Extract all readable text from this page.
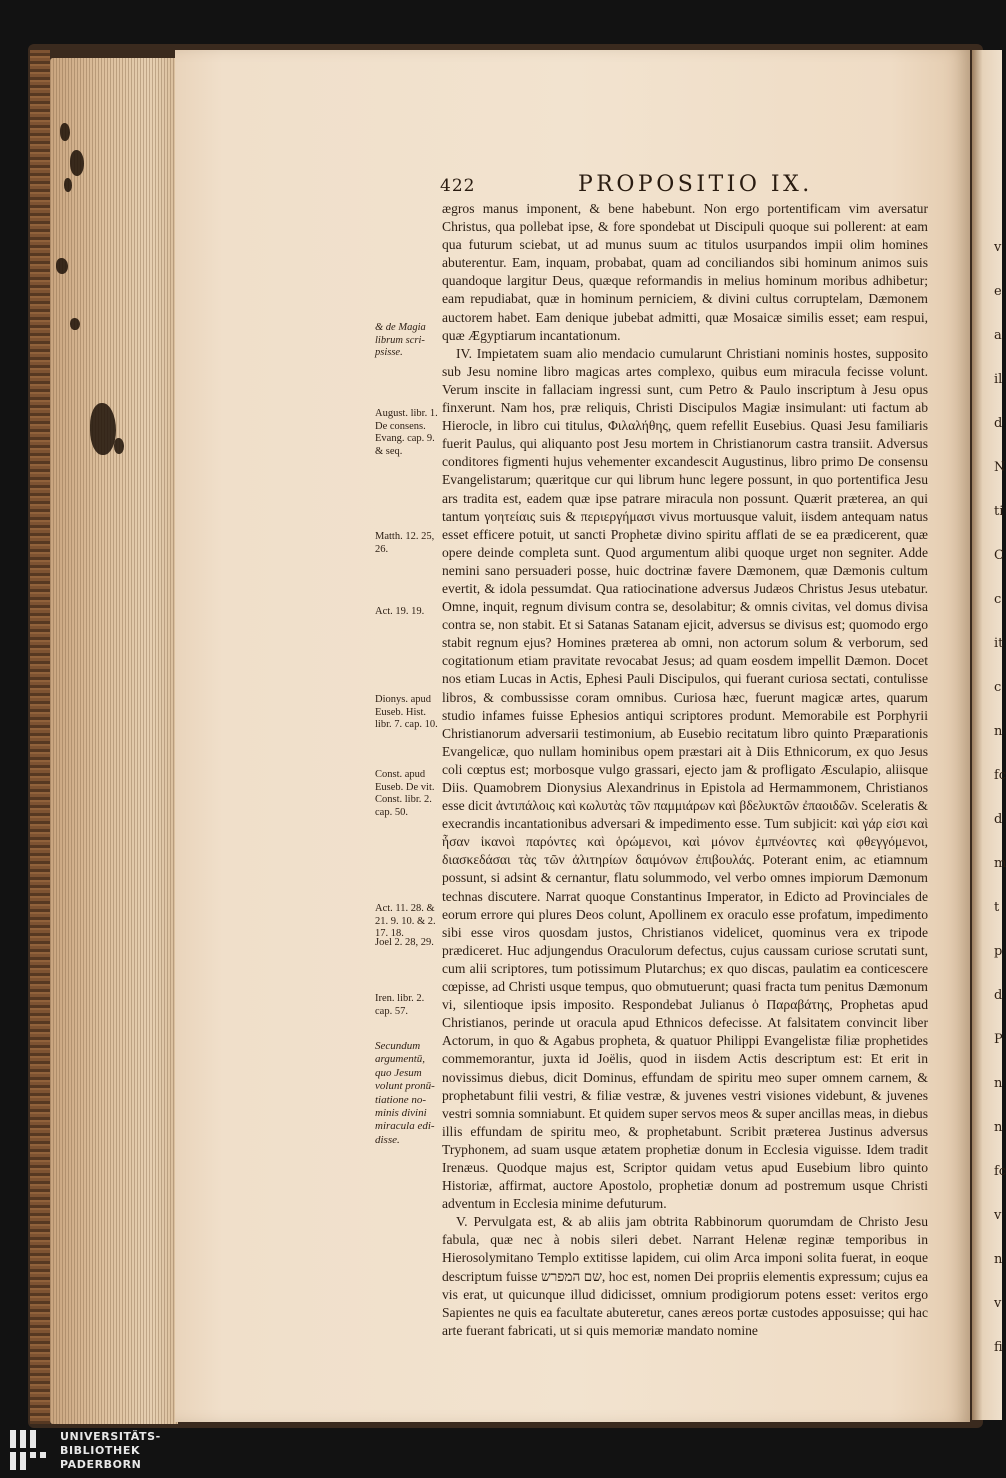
v
e
a
il
d
N
ti
C
c
it
c
n
fc
d
m
t
p
d
P
n
n
fc
v
n
v
fi
422	PROPOSITIO IX.
& de Magia librum scri-psisse.
August. libr. 1. De consens. Evang. cap. 9. & seq.
Matth. 12. 25, 26.
Act. 19. 19.
Dionys. apud Euseb. Hist. libr. 7. cap. 10.
Const. apud Euseb. De vit. Const. libr. 2. cap. 50.
Act. 11. 28. & 21. 9. 10. & 2. 17. 18.
Joel 2. 28, 29.
Iren. libr. 2. cap. 57.
Secundum argumentū, quo Jesum volunt pronū-tiatione no-minis divini miracula edi-disse.

ægros manus imponent, & bene habebunt. Non ergo portentificam vim aversatur Christus, qua pollebat ipse, & fore spondebat ut Discipuli quoque sui pollerent: at eam qua futurum sciebat, ut ad munus suum ac titulos usurpandos impii olim homines abuterentur. Eam, inquam, probabat, quam ad conciliandos sibi hominum animos suis quandoque largitur Deus, quæque reformandis in melius hominum moribus adhibetur; eam repudiabat, quæ in hominum perniciem, & divini cultus corruptelam, Dæmonem auctorem habet. Eam denique jubebat admitti, quæ Mosaicæ similis esset; eam respui, quæ Ægyptiarum incantationum.

IV. Impietatem suam alio mendacio cumularunt Christiani nominis hostes, supposito sub Jesu nomine libro magicas artes complexo, quibus eum miracula fecisse volunt. Verum inscite in fallaciam ingressi sunt, cum Petro & Paulo inscriptum à Jesu opus finxerunt. Nam hos, præ reliquis, Christi Discipulos Magiæ insimulant: uti factum ab Hierocle, in libro cui titulus, Φιλαλήθης, quem refellit Eusebius. Quasi Jesu familiaris fuerit Paulus, qui aliquanto post Jesu mortem in Christianorum castra transiit. Adversus conditores figmenti hujus vehementer excandescit Augustinus, libro primo De consensu Evangelistarum; quæritque cur qui librum hunc legere possunt, in quo portentifica Jesu ars tradita est, eadem quæ ipse patrare miracula non possunt. Quærit præterea, an qui tantum γοητείαις suis & περιεργήμασι vivus mortuusque valuit, iisdem antequam natus esset efficere potuit, ut sancti Prophetæ divino spiritu afflati de se ea prædicerent, quæ opere deinde completa sunt. Quod argumentum alibi quoque urget non segniter. Adde nemini sano persuaderi posse, huic doctrinæ favere Dæmonem, quæ Dæmonis cultum evertit, & idola pessumdat. Qua ratiocinatione adversus Judæos Christus Jesus utebatur. Omne, inquit, regnum divisum contra se, desolabitur; & omnis civitas, vel domus divisa contra se, non stabit. Et si Satanas Satanam ejicit, adversus se divisus est; quomodo ergo stabit regnum ejus? Homines præterea ab omni, non actorum solum & verborum, sed cogitationum etiam pravitate revocabat Jesus; ad quam eosdem impellit Dæmon. Docet nos etiam Lucas in Actis, Ephesi Pauli Discipulos, qui fuerant curiosa sectati, contulisse libros, & combussisse coram omnibus. Curiosa hæc, fuerunt magicæ artes, quarum studio infames fuisse Ephesios antiqui scriptores produnt. Memorabile est Porphyrii Christianorum adversarii testimonium, ab Eusebio recitatum libro quinto Præparationis Evangelicæ, quo nullam hominibus opem præstari ait à Diis Ethnicorum, ex quo Jesus coli cœptus est; morbosque vulgo grassari, ejecto jam & profligato Æsculapio, aliisque Diis. Quamobrem Dionysius Alexandrinus in Epistola ad Hermammonem, Christianos esse dicit ἀντιπάλοις καὶ κωλυτὰς τῶν παμμιάρων καὶ βδελυκτῶν ἐπαοιδῶν. Sceleratis & execrandis incantationibus adversari & impedimento esse. Tum subjicit: καὶ γάρ εἰσι καὶ ἦσαν ἱκανοὶ παρόντες καὶ ὁρώμενοι, καὶ μόνον ἐμπνέοντες καὶ φθεγγόμενοι, διασκεδάσαι τὰς τῶν ἀλιτηρίων δαιμόνων ἐπιβουλάς. Poterant enim, ac etiamnum possunt, si adsint & cernantur, flatu solummodo, vel verbo omnes impiorum Dæmonum technas discutere. Narrat quoque Constantinus Imperator, in Edicto ad Provinciales de eorum errore qui plures Deos colunt, Apollinem ex oraculo esse profatum, impedimento sibi esse viros quosdam justos, Christianos videlicet, quominus vera ex tripode prædiceret. Huc adjungendus Oraculorum defectus, cujus caussam curiose scrutati sunt, cum alii scriptores, tum potissimum Plutarchus; ex quo discas, paulatim ea conticescere cœpisse, ad Christi usque tempus, quo obmutuerunt; quasi fracta tum penitus Dæmonum vi, silentioque ipsis imposito. Respondebat Julianus ὁ Παραβάτης, Prophetas apud Christianos, perinde ut oracula apud Ethnicos defecisse. At falsitatem convincit liber Actorum, in quo & Agabus propheta, & quatuor Philippi Evangelistæ filiæ prophetides commemorantur, juxta id Joëlis, quod in iisdem Actis descriptum est: Et erit in novissimus diebus, dicit Dominus, effundam de spiritu meo super omnem carnem, & prophetabunt filii vestri, & filiæ vestræ, & juvenes vestri visiones videbunt, & juvenes vestri somnia somniabunt. Et quidem super servos meos & super ancillas meas, in diebus illis effundam de spiritu meo, & prophetabunt. Scribit præterea Justinus adversus Tryphonem, ad suam usque ætatem prophetiæ donum in Ecclesia viguisse. Idem tradit Irenæus. Quodque majus est, Scriptor quidam vetus apud Eusebium libro quinto Historiæ, affirmat, auctore Apostolo, prophetiæ donum ad postremum usque Christi adventum in Ecclesia minime defuturum.

V. Pervulgata est, & ab aliis jam obtrita Rabbinorum quorumdam de Christo Jesu fabula, quæ nec à nobis sileri debet. Narrant Helenæ reginæ temporibus in Hierosolymitano Templo extitisse lapidem, cui olim Arca imponi solita fuerat, in eoque descriptum fuisse שם המפרש, hoc est, nomen Dei propriis elementis expressum; cujus ea vis erat, ut quicunque illud didicisset, omnium prodigiorum potens esset: veritos ergo Sapientes ne quis ea facultate abuteretur, canes æreos portæ custodes apposuisse; qui hac arte fuerant fabricati, ut si quis memoriæ mandato nomine

UNIVERSITÄTS-
BIBLIOTHEK
PADERBORN
